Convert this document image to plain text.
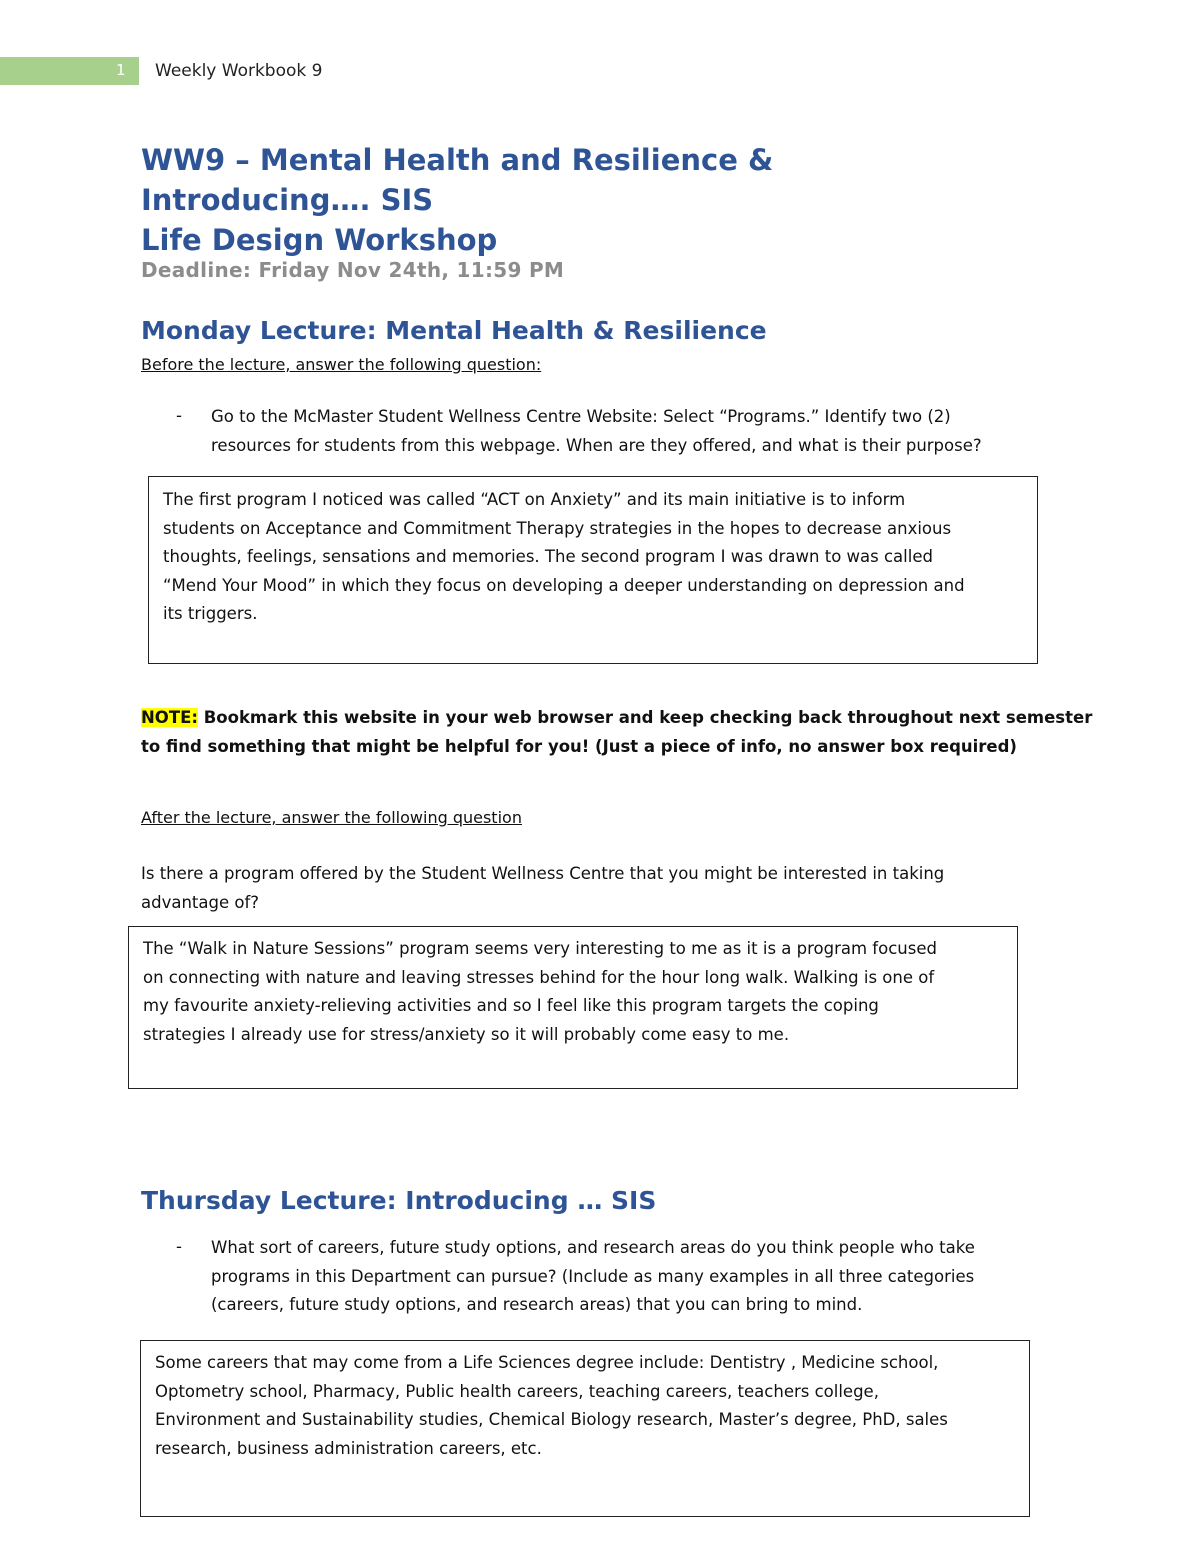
1 Weekly Workbook 9
WW9 – Mental Health and Resilience &
Introducing…. SIS
Life Design Workshop
Deadline: Friday Nov 24th, 11:59 PM
Monday Lecture: Mental Health & Resilience
Before the lecture, answer the following question:
- Go to the McMaster Student Wellness Centre Website: Select “Programs.” Identify two (2)
resources for students from this webpage. When are they offered, and what is their purpose?
The first program I noticed was called “ACT on Anxiety” and its main initiative is to inform
students on Acceptance and Commitment Therapy strategies in the hopes to decrease anxious
thoughts, feelings, sensations and memories. The second program I was drawn to was called
“Mend Your Mood” in which they focus on developing a deeper understanding on depression and
its triggers.
NOTE: Bookmark this website in your web browser and keep checking back throughout next semester
to find something that might be helpful for you! (Just a piece of info, no answer box required)
After the lecture, answer the following question
Is there a program offered by the Student Wellness Centre that you might be interested in taking
advantage of?
The “Walk in Nature Sessions” program seems very interesting to me as it is a program focused
on connecting with nature and leaving stresses behind for the hour long walk. Walking is one of
my favourite anxiety-relieving activities and so I feel like this program targets the coping
strategies I already use for stress/anxiety so it will probably come easy to me.
Thursday Lecture: Introducing … SIS
- What sort of careers, future study options, and research areas do you think people who take
programs in this Department can pursue? (Include as many examples in all three categories
(careers, future study options, and research areas) that you can bring to mind.
Some careers that may come from a Life Sciences degree include: Dentistry , Medicine school,
Optometry school, Pharmacy, Public health careers, teaching careers, teachers college,
Environment and Sustainability studies, Chemical Biology research, Master’s degree, PhD, sales
research, business administration careers, etc.
